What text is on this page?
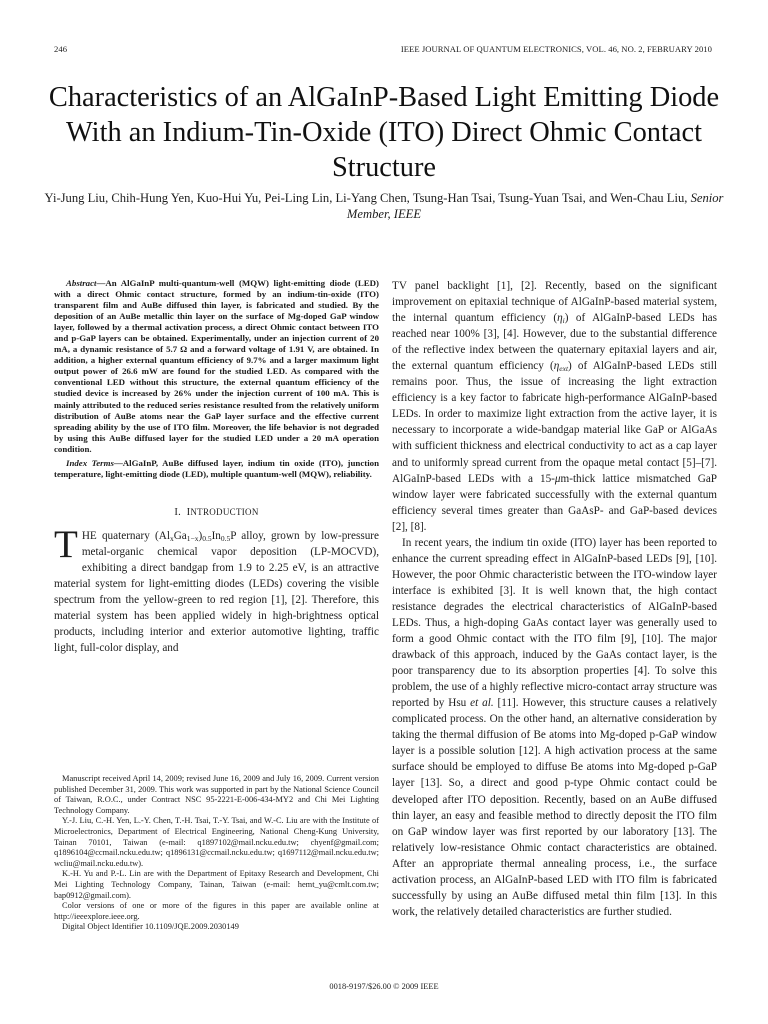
246	IEEE JOURNAL OF QUANTUM ELECTRONICS, VOL. 46, NO. 2, FEBRUARY 2010
Characteristics of an AlGaInP-Based Light Emitting Diode With an Indium-Tin-Oxide (ITO) Direct Ohmic Contact Structure

Yi-Jung Liu, Chih-Hung Yen, Kuo-Hui Yu, Pei-Ling Lin, Li-Yang Chen, Tsung-Han Tsai, Tsung-Yuan Tsai, and Wen-Chau Liu, Senior Member, IEEE

Abstract—An AlGaInP multi-quantum-well (MQW) light-emitting diode (LED) with a direct Ohmic contact structure, formed by an indium-tin-oxide (ITO) transparent film and AuBe diffused thin layer, is fabricated and studied. By the deposition of an AuBe metallic thin layer on the surface of Mg-doped GaP window layer, followed by a thermal activation process, a direct Ohmic contact between ITO and p-GaP layers can be obtained. Experimentally, under an injection current of 20 mA, a dynamic resistance of 5.7 Ω and a forward voltage of 1.91 V, are obtained. In addition, a higher external quantum efficiency of 9.7% and a larger maximum light output power of 26.6 mW are found for the studied LED. As compared with the conventional LED without this structure, the external quantum efficiency of the studied device is increased by 26% under the injection current of 100 mA. This is mainly attributed to the reduced series resistance resulted from the relatively uniform distribution of AuBe atoms near the GaP layer surface and the effective current spreading ability by the use of ITO film. Moreover, the life behavior is not degraded by using this AuBe diffused layer for the studied LED under a 20 mA operation condition.

Index Terms—AlGaInP, AuBe diffused layer, indium tin oxide (ITO), junction temperature, light-emitting diode (LED), multiple quantum-well (MQW), reliability.

I. INTRODUCTION

THE quaternary $(Al_xGa_{1-x})_{0.5}In_{0.5}P$ alloy, grown by low-pressure metal-organic chemical vapor deposition (LP-MOCVD), exhibiting a direct bandgap from 1.9 to 2.25 eV, is an attractive material system for light-emitting diodes (LEDs) covering the visible spectrum from the yellow-green to red region [1], [2]. Therefore, this material system has been applied widely in high-brightness optical products, including interior and exterior automotive lighting, traffic light, full-color display, and

Manuscript received April 14, 2009; revised June 16, 2009 and July 16, 2009. Current version published December 31, 2009. This work was supported in part by the National Science Council of Taiwan, R.O.C., under Contract NSC 95-2221-E-006-434-MY2 and Chi Mei Lighting Technology Company.

Y.-J. Liu, C.-H. Yen, L.-Y. Chen, T.-H. Tsai, T.-Y. Tsai, and W.-C. Liu are with the Institute of Microelectronics, Department of Electrical Engineering, National Cheng-Kung University, Tainan 70101, Taiwan (e-mail: q1897102@mail.ncku.edu.tw; chyenf@gmail.com; q1896104@ccmail.ncku.edu.tw; q1896131@ccmail.ncku.edu.tw; q1697112@mail.ncku.edu.tw; wcliu@mail.ncku.edu.tw).

K.-H. Yu and P.-L. Lin are with the Department of Epitaxy Research and Development, Chi Mei Lighting Technology Company, Tainan, Taiwan (e-mail: hemt_yu@cmlt.com.tw; bap0912@gmail.com).

Color versions of one or more of the figures in this paper are available online at http://ieeexplore.ieee.org.

Digital Object Identifier 10.1109/JQE.2009.2030149

TV panel backlight [1], [2]. Recently, based on the significant improvement on epitaxial technique of AlGaInP-based material system, the internal quantum efficiency $(\eta_i)$ of AlGaInP-based LEDs has reached near 100% [3], [4]. However, due to the substantial difference of the reflective index between the quaternary epitaxial layers and air, the external quantum efficiency $(\eta_{ext})$ of AlGaInP-based LEDs still remains poor. Thus, the issue of increasing the light extraction efficiency is a key factor to fabricate high-performance AlGaInP-based LEDs. In order to maximize light extraction from the active layer, it is necessary to incorporate a wide-bandgap material like GaP or AlGaAs with sufficient thickness and electrical conductivity to act as a cap layer and to uniformly spread current from the opaque metal contact [5]–[7]. AlGaInP-based LEDs with a 15-μm-thick lattice mismatched GaP window layer were fabricated successfully with the external quantum efficiency several times greater than GaAsP- and GaP-based devices [2], [8].

In recent years, the indium tin oxide (ITO) layer has been reported to enhance the current spreading effect in AlGaInP-based LEDs [9], [10]. However, the poor Ohmic characteristic between the ITO-window layer interface is exhibited [3]. It is well known that, the high contact resistance degrades the electrical characteristics of AlGaInP-based LEDs. Thus, a high-doping GaAs contact layer was generally used to form a good Ohmic contact with the ITO film [9], [10]. The major drawback of this approach, induced by the GaAs contact layer, is the poor transparency due to its absorption properties [4]. To solve this problem, the use of a highly reflective micro-contact array structure was reported by Hsu et al. [11]. However, this structure causes a relatively complicated process. On the other hand, an alternative consideration by taking the thermal diffusion of Be atoms into Mg-doped p-GaP window layer is a possible solution [12]. A high activation process at the same surface should be employed to diffuse Be atoms into Mg-doped p-GaP layer [13]. So, a direct and good p-type Ohmic contact could be developed after ITO deposition. Recently, based on an AuBe diffused thin layer, an easy and feasible method to directly deposit the ITO film on GaP window layer was first reported by our laboratory [13]. The relatively low-resistance Ohmic contact characteristics are obtained. After an appropriate thermal annealing process, i.e., the surface activation process, an AlGaInP-based LED with ITO film is fabricated successfully by using an AuBe diffused metal thin film [13]. In this work, the relatively detailed characteristics are further studied.

0018-9197/$26.00 © 2009 IEEE
